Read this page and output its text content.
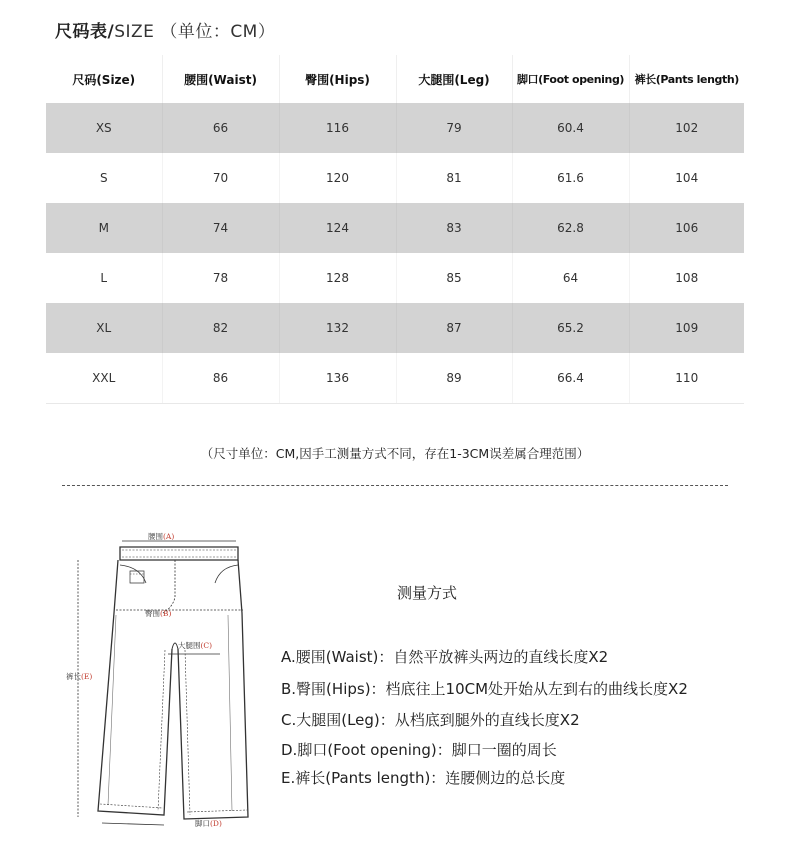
尺码表/SIZE （单位：CM）
尺码(Size)	腰围(Waist)	臀围(Hips)	大腿围(Leg)	脚口(Foot opening)	裤长(Pants length)
XS	66	116	79	60.4	102
S	70	120	81	61.6	104
M	74	124	83	62.8	106
L	78	128	85	64	108
XL	82	132	87	65.2	109
XXL	86	136	89	66.4	110
（尺寸单位：CM,因手工测量方式不同，存在1-3CM误差属合理范围）
腰围(A)
臀围(B)
大腿围(C)
裤长(E)
脚口(D)
测量方式
A.腰围(Waist)：自然平放裤头两边的直线长度X2
B.臀围(Hips)：档底往上10CM处开始从左到右的曲线长度X2
C.大腿围(Leg)：从档底到腿外的直线长度X2
D.脚口(Foot opening)：脚口一圈的周长
E.裤长(Pants length)：连腰侧边的总长度
